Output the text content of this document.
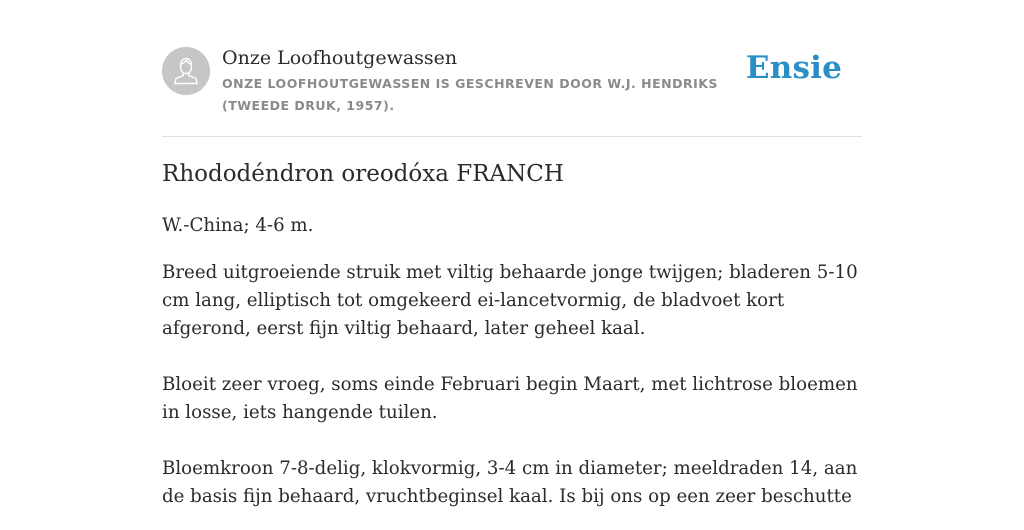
Onze Loofhoutgewassen
ONZE LOOFHOUTGEWASSEN IS GESCHREVEN DOOR W.J. HENDRIKS (TWEEDE DRUK, 1957).
Ensie
Rhododéndron oreodóxa FRANCH

W.-China; 4-6 m.

Breed uitgroeiende struik met viltig behaarde jonge twijgen; bladeren 5-10 cm lang, elliptisch tot omgekeerd ei-lancetvormig, de bladvoet kort afgerond, eerst fijn viltig behaard, later geheel kaal.

Bloeit zeer vroeg, soms einde Februari begin Maart, met lichtrose bloemen in losse, iets hangende tuilen.

Bloemkroon 7-8-delig, klokvormig, 3-4 cm in diameter; meeldraden 14, aan de basis fijn behaard, vruchtbeginsel kaal. Is bij ons op een zeer beschutte
